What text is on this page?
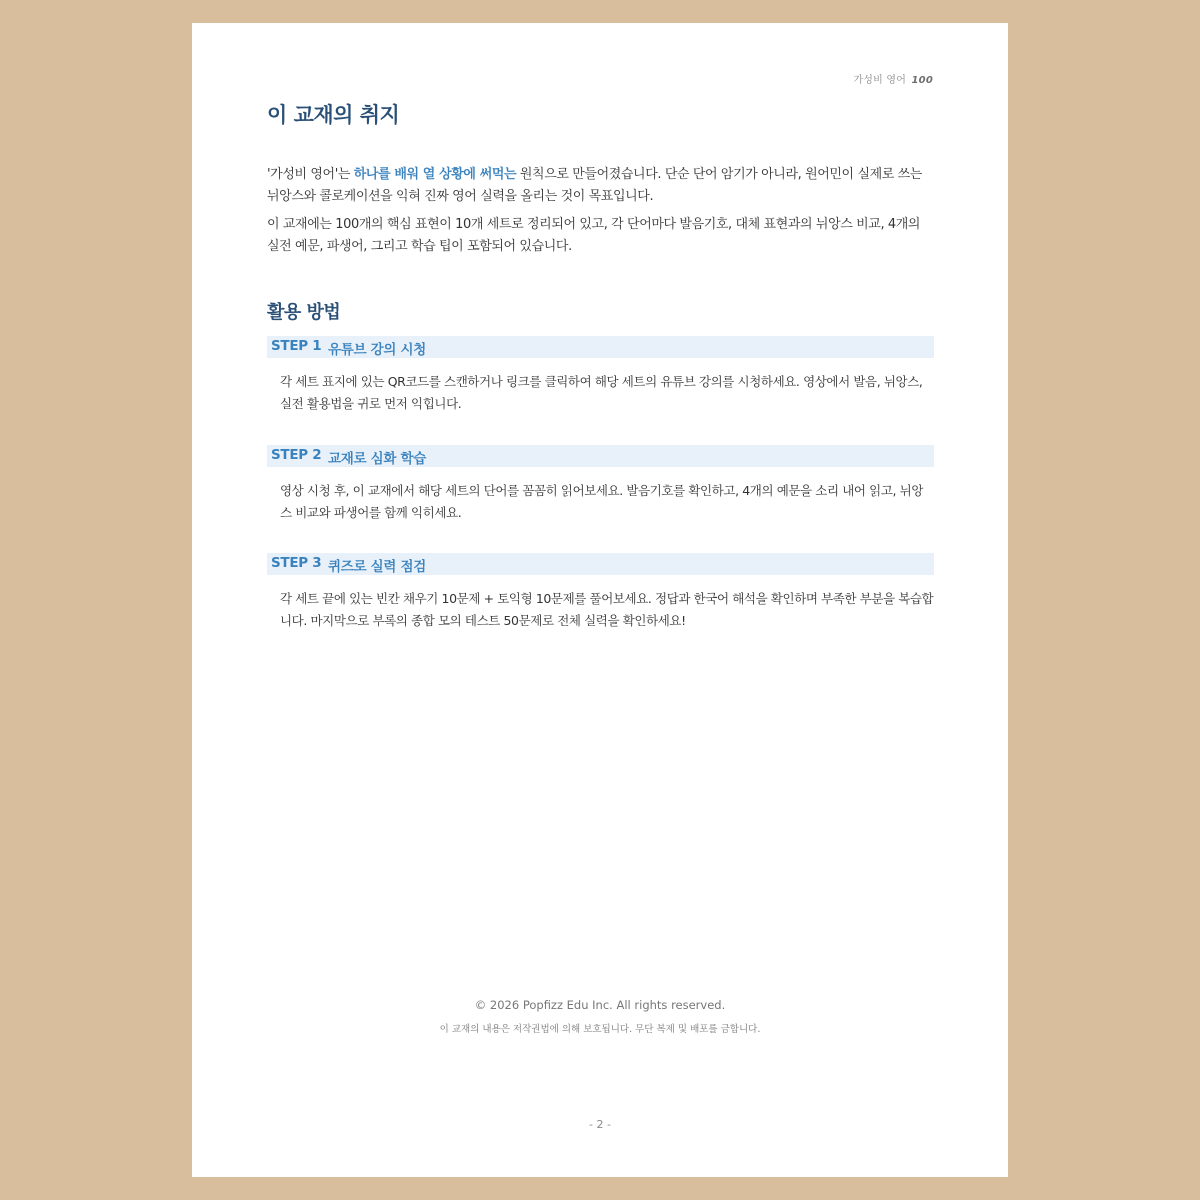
가성비 영어 100
이 교재의 취지

'가성비 영어'는 하나를 배워 열 상황에 써먹는 원칙으로 만들어졌습니다. 단순 단어 암기가 아니라, 원어민이 실제로 쓰는 뉘앙스와 콜로케이션을 익혀 진짜 영어 실력을 올리는 것이 목표입니다.

이 교재에는 100개의 핵심 표현이 10개 세트로 정리되어 있고, 각 단어마다 발음기호, 대체 표현과의 뉘앙스 비교, 4개의 실전 예문, 파생어, 그리고 학습 팁이 포함되어 있습니다.

활용 방법
STEP 1 유튜브 강의 시청

각 세트 표지에 있는 QR코드를 스캔하거나 링크를 클릭하여 해당 세트의 유튜브 강의를 시청하세요. 영상에서 발음, 뉘앙스, 실전 활용법을 귀로 먼저 익힙니다.

STEP 2 교재로 심화 학습

영상 시청 후, 이 교재에서 해당 세트의 단어를 꼼꼼히 읽어보세요. 발음기호를 확인하고, 4개의 예문을 소리 내어 읽고, 뉘앙스 비교와 파생어를 함께 익히세요.

STEP 3 퀴즈로 실력 점검

각 세트 끝에 있는 빈칸 채우기 10문제 + 토익형 10문제를 풀어보세요. 정답과 한국어 해석을 확인하며 부족한 부분을 복습합니다. 마지막으로 부록의 종합 모의 테스트 50문제로 전체 실력을 확인하세요!

© 2026 Popfizz Edu Inc. All rights reserved.
이 교재의 내용은 저작권법에 의해 보호됩니다. 무단 복제 및 배포를 금합니다.
- 2 -
